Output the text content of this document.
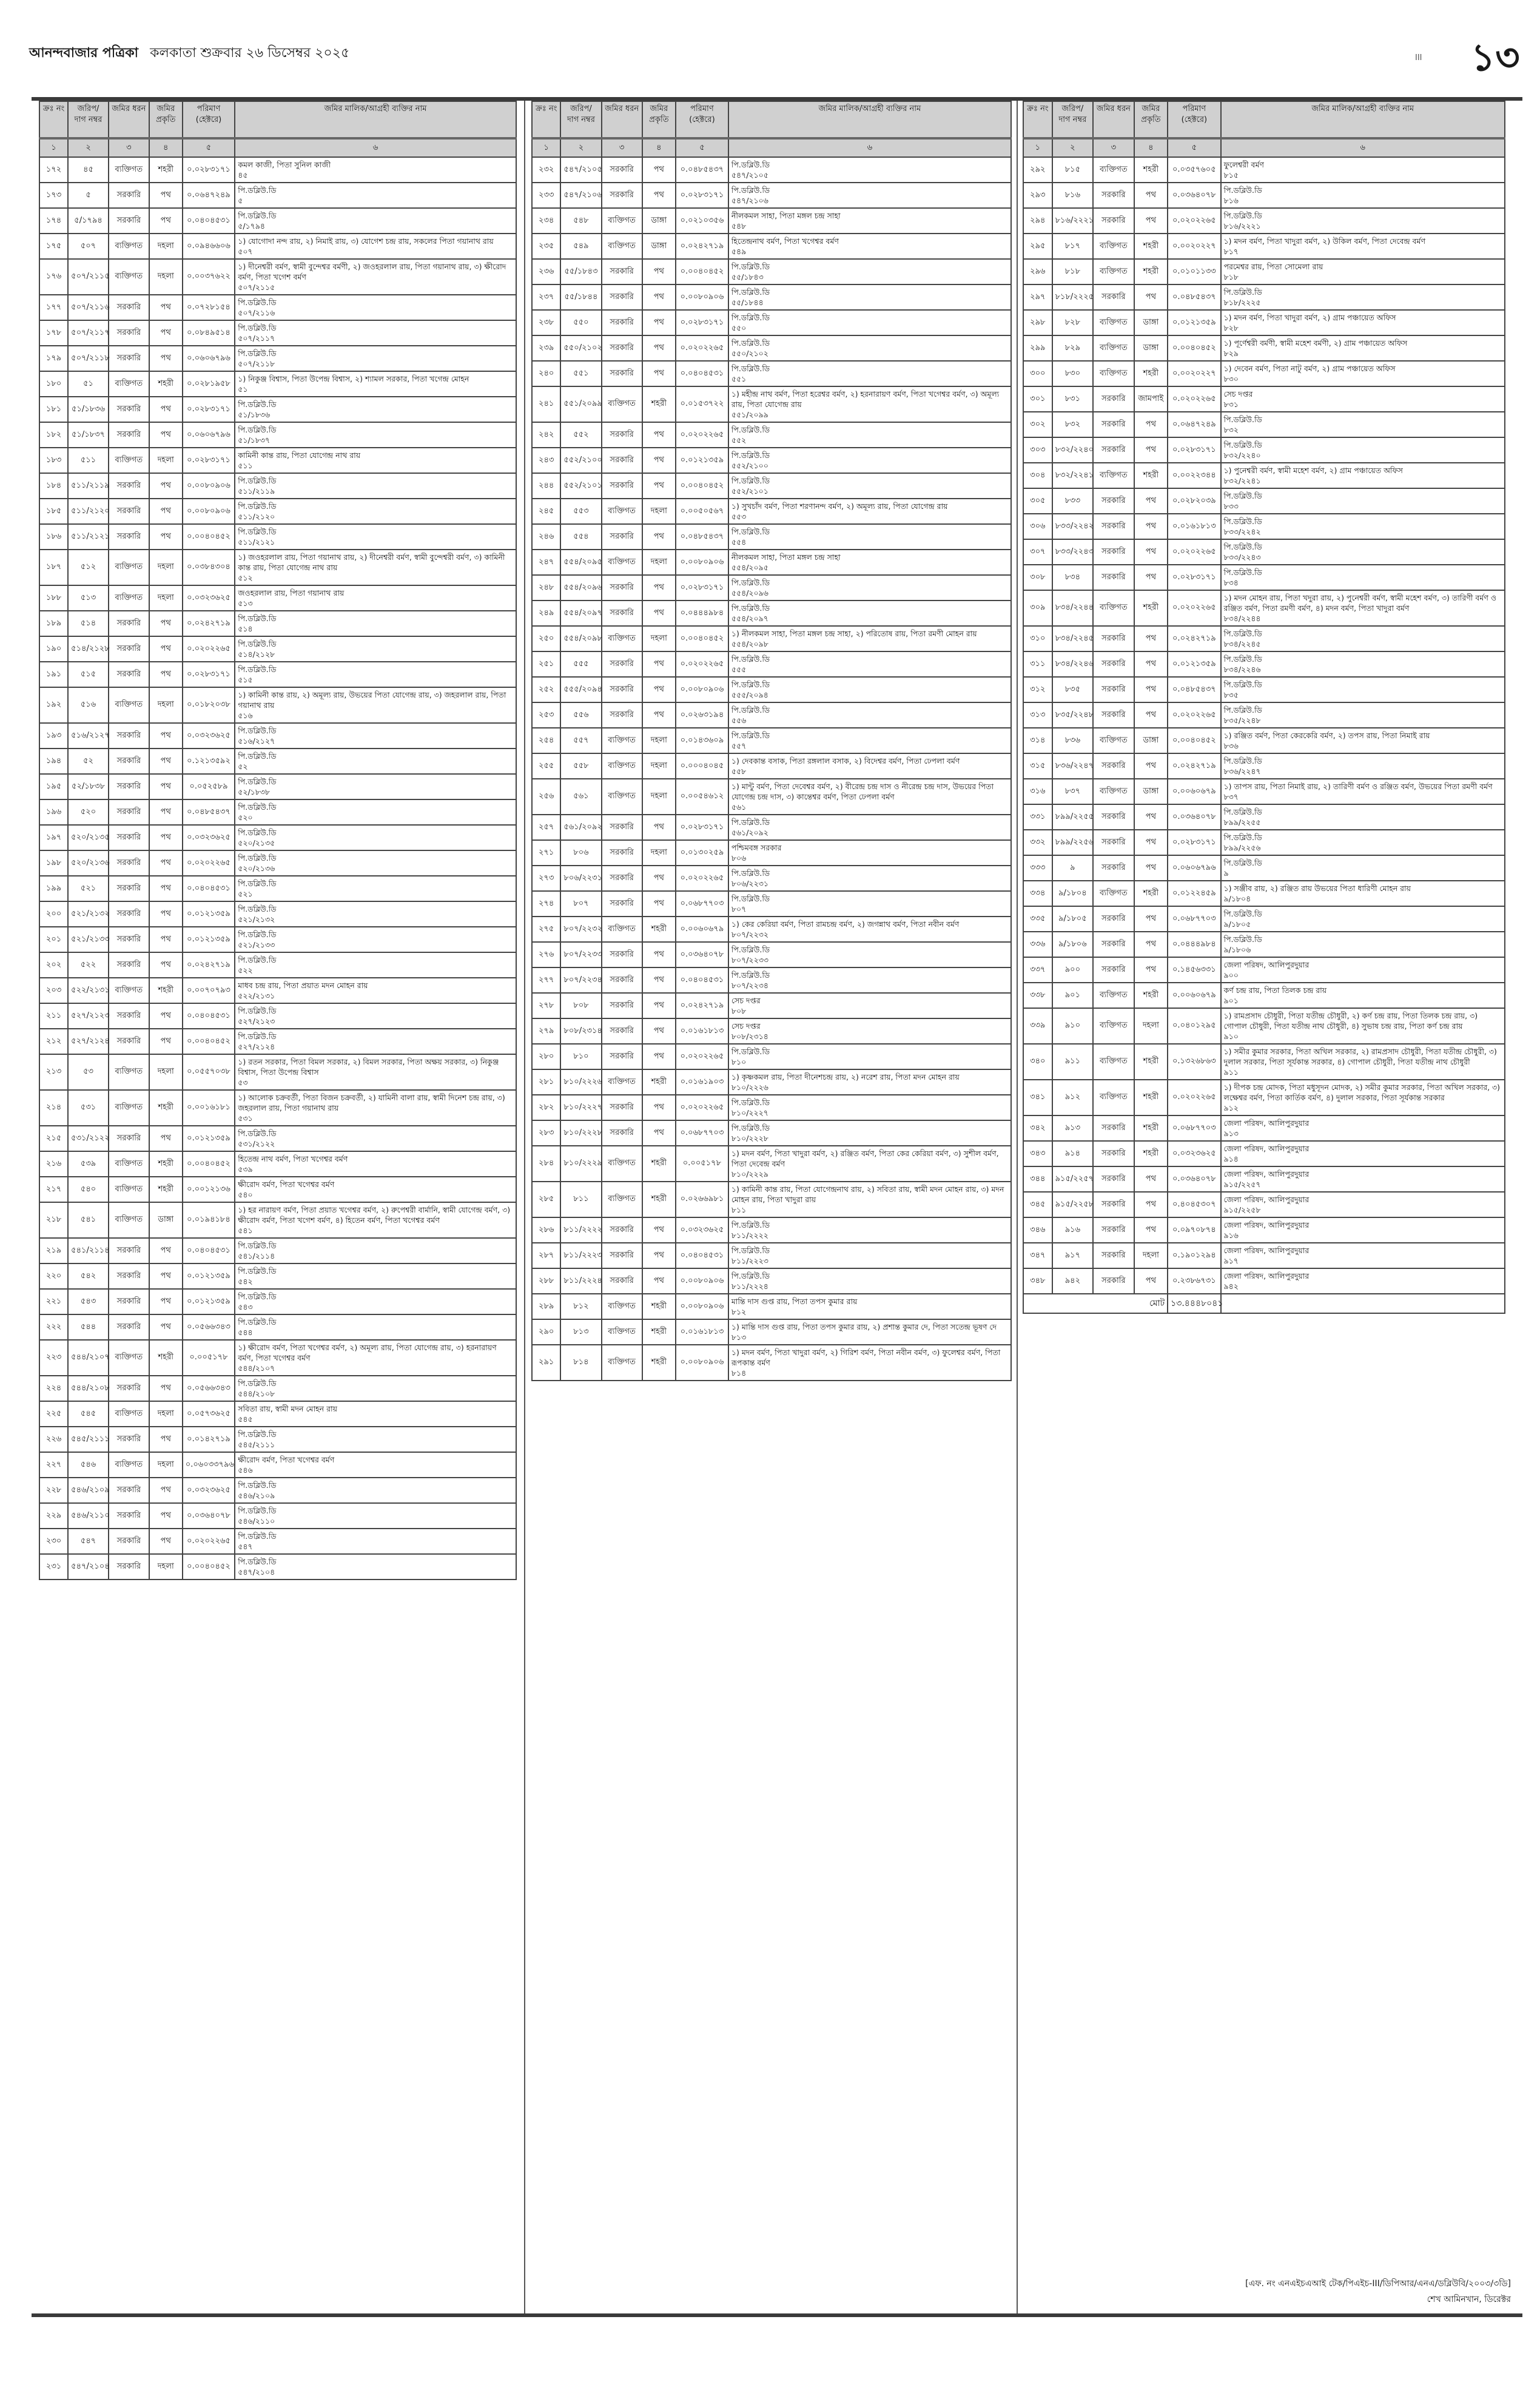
আনন্দবাজার পত্রিকা কলকাতা শুক্রবার ২৬ ডিসেম্বর ২০২৫	III ১৩
ক্রঃ নং	জরিপ/ দাগ নম্বর	জমির ধরন	জমির প্রকৃতি	পরিমাণ (হেক্টরে)	জমির মালিক/আগ্রহী ব্যক্তির নাম
১	২	৩	৪	৫	৬
১৭২	৪৫	ব্যক্তিগত	শহরী	০.০২৮৩১৭১	কমল কাজী, পিতা সুনিল কাজী
৪৫

১৭৩	৫	সরকারি	পথ	০.০৬৪৭২৪৯	পি.ডব্লিউ.ডি
৫

১৭৪	৫/১৭৯৪	সরকারি	পথ	০.০৪০৪৫৩১	পি.ডব্লিউ.ডি
৫/১৭৯৪

১৭৫	৫০৭	ব্যক্তিগত	দহলা	০.০৯৪৬৬০৬	১) যোগোদা নন্দ রায়, ২) নিমাই রায়, ৩) যোগেশ চন্দ্র রায়, সকলের পিতা গয়ানাথ রায়
৫০৭

১৭৬	৫০৭/২১১৫	ব্যক্তিগত	দহলা	০.০০৩৭৬২২	১) দীনেশ্বরী বর্মণ, স্বামী বুন্দেশ্বর বর্মণী, ২) জওহরলাল রায়, পিতা গয়ানাথ রায়, ৩) ক্ষীরোদ বর্মণ, পিতা খগেশ বর্মণ
৫০৭/২১১৫

১৭৭	৫০৭/২১১৬	সরকারি	পথ	০.০৭২৮১৫৪	পি.ডব্লিউ.ডি
৫০৭/২১১৬

১৭৮	৫০৭/২১১৭	সরকারি	পথ	০.০৮৪৯৫১৪	পি.ডব্লিউ.ডি
৫০৭/২১১৭

১৭৯	৫০৭/২১১৮	সরকারি	পথ	০.০৬০৬৭৯৬	পি.ডব্লিউ.ডি
৫০৭/২১১৮

১৮০	৫১	ব্যক্তিগত	শহরী	০.০২৮১৯৫৮	১) নিকুঞ্জ বিশ্বাস, পিতা উপেন্দ্র বিশ্বাস, ২) শ্যামল সরকার, পিতা খগেন্দ্র মোহন
৫১

১৮১	৫১/১৮৩৬	সরকারি	পথ	০.০২৮৩১৭১	পি.ডব্লিউ.ডি
৫১/১৮৩৬

১৮২	৫১/১৮৩৭	সরকারি	পথ	০.০৬০৬৭৯৬	পি.ডব্লিউ.ডি
৫১/১৮৩৭

১৮৩	৫১১	ব্যক্তিগত	দহলা	০.০২৮৩১৭১	কামিনী কান্ত রায়, পিতা যোগেন্দ্র নাথ রায়
৫১১

১৮৪	৫১১/২১১৯	সরকারি	পথ	০.০০৮০৯০৬	পি.ডব্লিউ.ডি
৫১১/২১১৯

১৮৫	৫১১/২১২০	সরকারি	পথ	০.০০৮০৯০৬	পি.ডব্লিউ.ডি
৫১১/২১২০

১৮৬	৫১১/২১২১	সরকারি	পথ	০.০০৪০৪৫২	পি.ডব্লিউ.ডি
৫১১/২১২১

১৮৭	৫১২	ব্যক্তিগত	দহলা	০.০৩৮৪৩০৪	১) জওহরলাল রায়, পিতা গয়ানাথ রায়, ২) দীনেশ্বরী বর্মণ, স্বামী বুন্দেশ্বরী বর্মণ, ৩) কামিনী কান্ত রায়, পিতা যোগেন্দ্র নাথ রায়
৫১২

১৮৮	৫১৩	ব্যক্তিগত	দহলা	০.০৩২৩৬২৫	জওহরলাল রায়, পিতা গয়ানাথ রায়
৫১৩

১৮৯	৫১৪	সরকারি	পথ	০.০২৪২৭১৯	পি.ডব্লিউ.ডি
৫১৪

১৯০	৫১৪/২১২৮	সরকারি	পথ	০.০২০২২৬৫	পি.ডব্লিউ.ডি
৫১৪/২১২৮

১৯১	৫১৫	সরকারি	পথ	০.০২৮৩১৭১	পি.ডব্লিউ.ডি
৫১৫

১৯২	৫১৬	ব্যক্তিগত	দহলা	০.০১৮২০৩৮	১) কামিনী কান্ত রায়, ২) অমূল্য রায়, উভয়ের পিতা যোগেন্দ্র রায়, ৩) জহরলাল রায়, পিতা গয়ানাথ রায়
৫১৬

১৯৩	৫১৬/২১২৭	সরকারি	পথ	০.০৩২৩৬২৫	পি.ডব্লিউ.ডি
৫১৬/২১২৭

১৯৪	৫২	সরকারি	পথ	০.১২১৩৫৯২	পি.ডব্লিউ.ডি
৫২

১৯৫	৫২/১৮৩৮	সরকারি	পথ	০.০৫২৫৮৯	পি.ডব্লিউ.ডি
৫২/১৮৩৮

১৯৬	৫২০	সরকারি	পথ	০.০৪৮৫৪৩৭	পি.ডব্লিউ.ডি
৫২০

১৯৭	৫২০/২১৩৫	সরকারি	পথ	০.০৩২৩৬২৫	পি.ডব্লিউ.ডি
৫২০/২১৩৫

১৯৮	৫২০/২১৩৬	সরকারি	পথ	০.০২০২২৬৫	পি.ডব্লিউ.ডি
৫২০/২১৩৬

১৯৯	৫২১	সরকারি	পথ	০.০৪০৪৫৩১	পি.ডব্লিউ.ডি
৫২১

২০০	৫২১/২১৩২	সরকারি	পথ	০.০১২১৩৫৯	পি.ডব্লিউ.ডি
৫২১/২১৩২

২০১	৫২১/২১৩৩	সরকারি	পথ	০.০১২১৩৫৯	পি.ডব্লিউ.ডি
৫২১/২১৩৩

২০২	৫২২	সরকারি	পথ	০.০২৪২৭১৯	পি.ডব্লিউ.ডি
৫২২

২০৩	৫২২/২১৩১	ব্যক্তিগত	শহরী	০.০০৭০৭৯৩	মাধব চন্দ্র রায়, পিতা প্রয়াত মদন মোহন রায়
৫২২/২১৩১

২১১	৫২৭/২১২৩	সরকারি	পথ	০.০৪০৪৫৩১	পি.ডব্লিউ.ডি
৫২৭/২১২৩

২১২	৫২৭/২১২৪	সরকারি	পথ	০.০০৪০৪৫২	পি.ডব্লিউ.ডি
৫২৭/২১২৪

২১৩	৫৩	ব্যক্তিগত	দহলা	০.০৫৫৭০৩৮	১) রতন সরকার, পিতা বিমল সরকার, ২) বিমল সরকার, পিতা অক্ষয় সরকার, ৩) নিকুঞ্জ বিশ্বাস, পিতা উপেন্দ্র বিশ্বাস
৫৩

২১৪	৫৩১	ব্যক্তিগত	শহরী	০.০০১৬১৮১	১) আলোক চক্রবর্তী, পিতা বিজন চক্রবর্তী, ২) যামিনী বালা রায়, স্বামী দিনেশ চন্দ্র রায়, ৩) জহরলাল রায়, পিতা গয়ানাথ রায়
৫৩১

২১৫	৫৩১/২১২২	সরকারি	পথ	০.০১২১৩৫৯	পি.ডব্লিউ.ডি
৫৩১/২১২২

২১৬	৫৩৯	ব্যক্তিগত	শহরী	০.০০৪০৪৫২	হিতেন্দ্র নাথ বর্মণ, পিতা খগেশ্বর বর্মণ
৫৩৯

২১৭	৫৪০	ব্যক্তিগত	শহরী	০.০০১২১৩৬	ক্ষীরোদ বর্মণ, পিতা খগেশ্বর বর্মণ
৫৪০

২১৮	৫৪১	ব্যক্তিগত	ডাঙ্গা	০.০১৯৪১৮৪	১) হর নারায়ণ বর্মণ, পিতা প্রয়াত খগেশ্বর বর্মণ, ২) রুপেশ্বরী বার্মানি, স্বামী যোগেন্দ্র বর্মণ, ৩) ক্ষীরোদ বর্মণ, পিতা খগেশ বর্মণ, ৪) হিতেন বর্মণ, পিতা খগেশ্বর বর্মণ
৫৪১

২১৯	৫৪১/২১১৪	সরকারি	পথ	০.০৪০৪৫৩১	পি.ডব্লিউ.ডি
৫৪১/২১১৪

২২০	৫৪২	সরকারি	পথ	০.০১২১৩৫৯	পি.ডব্লিউ.ডি
৫৪২

২২১	৫৪৩	সরকারি	পথ	০.০১২১৩৫৯	পি.ডব্লিউ.ডি
৫৪৩

২২২	৫৪৪	সরকারি	পথ	০.০৫৬৬৩৪৩	পি.ডব্লিউ.ডি
৫৪৪

২২৩	৫৪৪/২১০৭	ব্যক্তিগত	শহরী	০.০০৫১৭৮	১) ক্ষীরোদ বর্মণ, পিতা খগেশ্বর বর্মণ, ২) অমূল্য রায়, পিতা যোগেন্দ্র রায়, ৩) হরনারায়ণ বর্মণ, পিতা খগেশ্বর বর্মণ
৫৪৪/২১০৭

২২৪	৫৪৪/২১০৮	সরকারি	পথ	০.০৫৬৬৩৪৩	পি.ডব্লিউ.ডি
৫৪৪/২১০৮

২২৫	৫৪৫	ব্যক্তিগত	দহলা	০.০৫৭৩৬২৫	সবিতা রায়, স্বামী মদন মোহন রায়
৫৪৫

২২৬	৫৪৫/২১১১	সরকারি	পথ	০.০১৪২৭১৯	পি.ডব্লিউ.ডি
৫৪৫/২১১১

২২৭	৫৪৬	ব্যক্তিগত	দহলা	০.০৬০৩৩৭৯৬	ক্ষীরোদ বর্মণ, পিতা খগেশ্বর বর্মণ
৫৪৬

২২৮	৫৪৬/২১০৯	সরকারি	পথ	০.০৩২৩৬২৫	পি.ডব্লিউ.ডি
৫৪৬/২১০৯

২২৯	৫৪৬/২১১০	সরকারি	পথ	০.০৩৬৪০৭৮	পি.ডব্লিউ.ডি
৫৪৬/২১১০

২৩০	৫৪৭	সরকারি	পথ	০.০২০২২৬৫	পি.ডব্লিউ.ডি
৫৪৭

২৩১	৫৪৭/২১০৪	সরকারি	দহলা	০.০০৪০৪৫২	পি.ডব্লিউ.ডি
৫৪৭/২১০৪
ক্রঃ নং	জরিপ/ দাগ নম্বর	জমির ধরন	জমির প্রকৃতি	পরিমাণ (হেক্টরে)	জমির মালিক/আগ্রহী ব্যক্তির নাম
১	২	৩	৪	৫	৬
২৩২	৫৪৭/২১০৫	সরকারি	পথ	০.০৪৮৫৪৩৭	পি.ডব্লিউ.ডি
৫৪৭/২১০৫

২৩৩	৫৪৭/২১০৬	সরকারি	পথ	০.০২৮৩১৭১	পি.ডব্লিউ.ডি
৫৪৭/২১০৬

২৩৪	৫৪৮	ব্যক্তিগত	ডাঙ্গা	০.০২১০৩৫৬	নীলকমল সাহা, পিতা মঙ্গল চন্দ্র সাহা
৫৪৮

২৩৫	৫৪৯	ব্যক্তিগত	ডাঙ্গা	০.০২৪২৭১৯	হিতেন্দ্রনাথ বর্মণ, পিতা খগেশ্বর বর্মণ
৫৪৯

২৩৬	৫৫/১৮৪৩	সরকারি	পথ	০.০০৪০৪৫২	পি.ডব্লিউ.ডি
৫৫/১৮৪৩

২৩৭	৫৫/১৮৪৪	সরকারি	পথ	০.০০৮০৯০৬	পি.ডব্লিউ.ডি
৫৫/১৮৪৪

২৩৮	৫৫০	সরকারি	পথ	০.০২৮৩১৭১	পি.ডব্লিউ.ডি
৫৫০

২৩৯	৫৫০/২১০২	সরকারি	পথ	০.০২০২২৬৫	পি.ডব্লিউ.ডি
৫৫০/২১০২

২৪০	৫৫১	সরকারি	পথ	০.০৪০৪৫৩১	পি.ডব্লিউ.ডি
৫৫১

২৪১	৫৫১/২০৯৯	ব্যক্তিগত	শহরী	০.০১৫৩৭২২	১) মহীন্দ্র নাথ বর্মণ, পিতা হরেশ্বর বর্মণ, ২) হরনারায়ণ বর্মণ, পিতা খগেশ্বর বর্মণ, ৩) অমূল্য রায়, পিতা যোগেন্দ্র রায়
৫৫১/২০৯৯

২৪২	৫৫২	সরকারি	পথ	০.০২০২২৬৫	পি.ডব্লিউ.ডি
৫৫২

২৪৩	৫৫২/২১০০	সরকারি	পথ	০.০১২১৩৫৯	পি.ডব্লিউ.ডি
৫৫২/২১০০

২৪৪	৫৫২/২১০১	সরকারি	পথ	০.০০৪০৪৫২	পি.ডব্লিউ.ডি
৫৫২/২১০১

২৪৫	৫৫৩	ব্যক্তিগত	দহলা	০.০০৫০৫৬৭	১) সুখচাঁদ বর্মণ, পিতা শরণানন্দ বর্মণ, ২) অমূল্য রায়, পিতা যোগেন্দ্র রায়
৫৫৩

২৪৬	৫৫৪	সরকারি	পথ	০.০৪৮৫৪৩৭	পি.ডব্লিউ.ডি
৫৫৪

২৪৭	৫৫৪/২০৯৫	ব্যক্তিগত	দহলা	০.০০৮০৯০৬	নীলকমল সাহা, পিতা মঙ্গল চন্দ্র সাহা
৫৫৪/২০৯৫

২৪৮	৫৫৪/২০৯৬	সরকারি	পথ	০.০২৮৩১৭১	পি.ডব্লিউ.ডি
৫৫৪/২০৯৬

২৪৯	৫৫৪/২০৯৭	সরকারি	পথ	০.০৪৪৪৯৮৪	পি.ডব্লিউ.ডি
৫৫৪/২০৯৭

২৫০	৫৫৪/২০৯৮	ব্যক্তিগত	দহলা	০.০০৪০৪৫২	১) নীলকমল সাহা, পিতা মঙ্গল চন্দ্র সাহা, ২) পরিতোষ রায়, পিতা রমণী মোহন রায়
৫৫৪/২০৯৮

২৫১	৫৫৫	সরকারি	পথ	০.০২০২২৬৫	পি.ডব্লিউ.ডি
৫৫৫

২৫২	৫৫৫/২০৯৪	সরকারি	পথ	০.০০৮০৯০৬	পি.ডব্লিউ.ডি
৫৫৫/২০৯৪

২৫৩	৫৫৬	সরকারি	পথ	০.০২৬৩১৯৪	পি.ডব্লিউ.ডি
৫৫৬

২৫৪	৫৫৭	ব্যক্তিগত	দহলা	০.০১৪৩৬০৯	পি.ডব্লিউ.ডি
৫৫৭

২৫৫	৫৫৮	ব্যক্তিগত	দহলা	০.০০০৪০৪৫	১) দেবকান্ত বসাক, পিতা রঙ্গলাল বসাক, ২) বিদেশ্বর বর্মণ, পিতা ঢেপলা বর্মণ
৫৫৮

২৫৬	৫৬১	ব্যক্তিগত	দহলা	০.০০৫৪৬১২	১) মান্টু বর্মণ, পিতা দেবেশ্বর বর্মণ, ২) বীরেন্দ্র চন্দ্র দাস ও নীরেন্দ্র চন্দ্র দাস, উভয়ের পিতা যোগেন্দ্র চন্দ্র দাস, ৩) কান্তেশ্বর বর্মণ, পিতা ঢেপলা বর্মণ
৫৬১

২৫৭	৫৬১/২০৯২	সরকারি	পথ	০.০২৮৩১৭১	পি.ডব্লিউ.ডি
৫৬১/২০৯২

২৭১	৮০৬	সরকারি	দহলা	০.০১৩০২৫৯	পশ্চিমবঙ্গ সরকার
৮০৬

২৭৩	৮০৬/২২৩১	সরকারি	পথ	০.০২০২২৬৫	পি.ডব্লিউ.ডি
৮০৬/২২৩১

২৭৪	৮০৭	সরকারি	পথ	০.০৬৮৭৭০৩	পি.ডব্লিউ.ডি
৮০৭

২৭৫	৮০৭/২২৩২	ব্যক্তিগত	শহরী	০.০০৬০৬৭৯	১) কের কেরিয়া বর্মণ, পিতা রামচন্দ্র বর্মণ, ২) জগন্নাথ বর্মণ, পিতা নবীন বর্মণ
৮০৭/২২৩২

২৭৬	৮০৭/২২৩৩	সরকারি	পথ	০.০৩৬৪০৭৮	পি.ডব্লিউ.ডি
৮০৭/২২৩৩

২৭৭	৮০৭/২২৩৪	সরকারি	পথ	০.০৪০৪৫৩১	পি.ডব্লিউ.ডি
৮০৭/২২৩৪

২৭৮	৮০৮	সরকারি	পথ	০.০২৪২৭১৯	সেচ দপ্তর
৮০৮

২৭৯	৮০৮/২৩১৪	সরকারি	পথ	০.০১৬১৮১৩	সেচ দপ্তর
৮০৮/২৩১৪

২৮০	৮১০	সরকারি	পথ	০.০২০২২৬৫	পি.ডব্লিউ.ডি
৮১০

২৮১	৮১০/২২২৬	ব্যক্তিগত	শহরী	০.০১৬১৯০৩	১) কৃষ্ণকমল রায়, পিতা দীনেশচন্দ্র রায়, ২) নরেশ রায়, পিতা মদন মোহন রায়
৮১০/২২২৬

২৮২	৮১০/২২২৭	সরকারি	পথ	০.০২০২২৬৫	পি.ডব্লিউ.ডি
৮১০/২২২৭

২৮৩	৮১০/২২২৮	সরকারি	পথ	০.০৬৮৭৭০৩	পি.ডব্লিউ.ডি
৮১০/২২২৮

২৮৪	৮১০/২২২৯	ব্যক্তিগত	শহরী	০.০০৫১৭৮	১) মদন বর্মণ, পিতা খাদুরা বর্মণ, ২) রঞ্জিত বর্মণ, পিতা কের কেরিয়া বর্মণ, ৩) সুশীল বর্মণ, পিতা দেবেন্দ্র বর্মণ
৮১০/২২২৯

২৮৫	৮১১	ব্যক্তিগত	শহরী	০.০২৬৬৯৮১	১) কামিনী কান্ত রায়, পিতা যোগেন্দ্রনাথ রায়, ২) সবিতা রায়, স্বামী মদন মোহন রায়, ৩) মদন মোহন রায়, পিতা খাদুরা রায়
৮১১

২৮৬	৮১১/২২২২	সরকারি	পথ	০.০৩২৩৬২৫	পি.ডব্লিউ.ডি
৮১১/২২২২

২৮৭	৮১১/২২২৩	সরকারি	পথ	০.০৪০৪৫৩১	পি.ডব্লিউ.ডি
৮১১/২২২৩

২৮৮	৮১১/২২২৪	সরকারি	পথ	০.০০৮০৯০৬	পি.ডব্লিউ.ডি
৮১১/২২২৪

২৮৯	৮১২	ব্যক্তিগত	শহরী	০.০০৮০৯০৬	মান্তি দাস গুপ্ত রায়, পিতা তপস কুমার রায়
৮১২

২৯০	৮১৩	ব্যক্তিগত	শহরী	০.০১৬১৮১৩	১) মান্তি দাস গুপ্ত রায়, পিতা তপস কুমার রায়, ২) প্রশান্ত কুমার দে, পিতা সতেন্দ্র ভূষণ দে
৮১৩

২৯১	৮১৪	ব্যক্তিগত	শহরী	০.০০৮০৯০৬	১) মদন বর্মণ, পিতা খাদুরা বর্মণ, ২) গিরিশ বর্মণ, পিতা নবীন বর্মণ, ৩) ফুলেশ্বর বর্মণ, পিতা রূপকান্ত বর্মণ
৮১৪
ক্রঃ নং	জরিপ/ দাগ নম্বর	জমির ধরন	জমির প্রকৃতি	পরিমাণ (হেক্টরে)	জমির মালিক/আগ্রহী ব্যক্তির নাম
১	২	৩	৪	৫	৬
২৯২	৮১৫	ব্যক্তিগত	শহরী	০.০৩৫৭৬০৫	ফুলেশ্বরী বর্মণ
৮১৫

২৯৩	৮১৬	সরকারি	পথ	০.০৩৬৪০৭৮	পি.ডব্লিউ.ডি
৮১৬

২৯৪	৮১৬/২২২১	সরকারি	পথ	০.০২০২২৬৫	পি.ডব্লিউ.ডি
৮১৬/২২২১

২৯৫	৮১৭	ব্যক্তিগত	শহরী	০.০০২০২২৭	১) মদন বর্মণ, পিতা খাদুরা বর্মণ, ২) উকিল বর্মণ, পিতা দেবেন্দ্র বর্মণ
৮১৭

২৯৬	৮১৮	ব্যক্তিগত	শহরী	০.০১০১১৩৩	পরমেশ্বর রায়, পিতা সোমেলা রায়
৮১৮

২৯৭	৮১৮/২২২৫	সরকারি	পথ	০.০৪৮৫৪৩৭	পি.ডব্লিউ.ডি
৮১৮/২২২৫

২৯৮	৮২৮	ব্যক্তিগত	ডাঙ্গা	০.০১২১৩৫৯	১) মদন বর্মণ, পিতা খাদুরা বর্মণ, ২) গ্রাম পঞ্চায়েত অফিস
৮২৮

২৯৯	৮২৯	ব্যক্তিগত	ডাঙ্গা	০.০০৪০৪৫২	১) পূর্ণেশ্বরী বর্মণী, স্বামী মহেশ বর্মণী, ২) গ্রাম পঞ্চায়েত অফিস
৮২৯

৩০০	৮৩০	ব্যক্তিগত	শহরী	০.০০২০২২৭	১) দেবেন বর্মণ, পিতা নাটু বর্মণ, ২) গ্রাম পঞ্চায়েত অফিস
৮৩০

৩০১	৮৩১	সরকারি	জামপাই	০.০২০২২৬৫	সেচ দপ্তর
৮৩১

৩০২	৮৩২	সরকারি	পথ	০.০৬৪৭২৪৯	পি.ডব্লিউ.ডি
৮৩২

৩০৩	৮৩২/২২৪০	সরকারি	পথ	০.০২৮৩১৭১	পি.ডব্লিউ.ডি
৮৩২/২২৪০

৩০৪	৮৩২/২২৪১	ব্যক্তিগত	শহরী	০.০০২২৩৪৪	১) পুনেশ্বরী বর্মণ, স্বামী মহেশ বর্মণ, ২) গ্রাম পঞ্চায়েত অফিস
৮৩২/২২৪১

৩০৫	৮৩৩	সরকারি	পথ	০.০২৮২০৩৯	পি.ডব্লিউ.ডি
৮৩৩

৩০৬	৮৩৩/২২৪২	সরকারি	পথ	০.০১৬১৮১৩	পি.ডব্লিউ.ডি
৮৩৩/২২৪২

৩০৭	৮৩৩/২২৪৩	সরকারি	পথ	০.০২০২২৬৫	পি.ডব্লিউ.ডি
৮৩৩/২২৪৩

৩০৮	৮৩৪	সরকারি	পথ	০.০২৮৩১৭১	পি.ডব্লিউ.ডি
৮৩৪

৩০৯	৮৩৪/২২৪৪	ব্যক্তিগত	শহরী	০.০২০২২৬৫	১) মদন মোহন রায়, পিতা খদুরা রায়, ২) পুনেশ্বরী বর্মণ, স্বামী মহেশ বর্মণ, ৩) তারিণী বর্মণ ও রঞ্জিত বর্মণ, পিতা রমণী বর্মণ, ৪) মদন বর্মণ, পিতা খাদুরা বর্মণ
৮৩৪/২২৪৪

৩১০	৮৩৪/২২৪৫	সরকারি	পথ	০.০২৪২৭১৯	পি.ডব্লিউ.ডি
৮৩৪/২২৪৫

৩১১	৮৩৪/২২৪৬	সরকারি	পথ	০.০১২১৩৫৯	পি.ডব্লিউ.ডি
৮৩৪/২২৪৬

৩১২	৮৩৫	সরকারি	পথ	০.০৪৮৫৪৩৭	পি.ডব্লিউ.ডি
৮৩৫

৩১৩	৮৩৫/২২৪৮	সরকারি	পথ	০.০২০২২৬৫	পি.ডব্লিউ.ডি
৮৩৫/২২৪৮

৩১৪	৮৩৬	ব্যক্তিগত	ডাঙ্গা	০.০০৪০৪৫২	১) রঞ্জিত বর্মণ, পিতা কেরকেরি বর্মণ, ২) তপস রায়, পিতা নিমাই রায়
৮৩৬

৩১৫	৮৩৬/২২৪৭	সরকারি	পথ	০.০২৪২৭১৯	পি.ডব্লিউ.ডি
৮৩৬/২২৪৭

৩১৬	৮৩৭	ব্যক্তিগত	ডাঙ্গা	০.০০৬০৬৭৯	১) তাপস রায়, পিতা নিমাই রায়, ২) তারিণী বর্মণ ও রঞ্জিত বর্মণ, উভয়ের পিতা রমণী বর্মণ
৮৩৭

৩৩১	৮৯৯/২২৫৫	সরকারি	পথ	০.০৩৬৪০৭৮	পি.ডব্লিউ.ডি
৮৯৯/২২৫৫

৩৩২	৮৯৯/২২৫৬	সরকারি	পথ	০.০২৮৩১৭১	পি.ডব্লিউ.ডি
৮৯৯/২২৫৬

৩৩৩	৯	সরকারি	পথ	০.০৬০৬৭৯৬	পি.ডব্লিউ.ডি
৯

৩৩৪	৯/১৮০৪	ব্যক্তিগত	শহরী	০.০১২২৪৫৯	১) সঞ্জীব রায়, ২) রঞ্জিত রায় উভয়ের পিতা ধারিণী মোহন রায়
৯/১৮০৪

৩৩৫	৯/১৮০৫	সরকারি	পথ	০.০৬৮৭৭০৩	পি.ডব্লিউ.ডি
৯/১৮০৫

৩৩৬	৯/১৮০৬	সরকারি	পথ	০.০৪৪৪৯৮৪	পি.ডব্লিউ.ডি
৯/১৮০৬

৩৩৭	৯০০	সরকারি	পথ	০.১৪৫৬৩৩১	জেলা পরিষদ, আলিপুরদুয়ার
৯০০

৩৩৮	৯০১	ব্যক্তিগত	শহরী	০.০০৬০৬৭৯	কর্ণ চন্দ্র রায়, পিতা তিলক চন্দ্র রায়
৯০১

৩৩৯	৯১০	ব্যক্তিগত	দহলা	০.০৪০১২৯৫	১) রামপ্রসাদ চৌধুরী, পিতা যতীন্দ্র চৌধুরী, ২) কর্ণ চন্দ্র রায়, পিতা তিলক চন্দ্র রায়, ৩) গোপাল চৌধুরী, পিতা যতীন্দ্র নাথ চৌধুরী, ৪) সুভাষ চন্দ্র রায়, পিতা কর্ণ চন্দ্র রায়
৯১০

৩৪০	৯১১	ব্যক্তিগত	শহরী	০.১৩২৬৮৬৩	১) সমীর কুমার সরকার, পিতা অখিল সরকার, ২) রামপ্রসাদ চৌধুরী, পিতা যতীন্দ্র চৌধুরী, ৩) দুলাল সরকার, পিতা সূর্যকান্ত সরকার, ৪) গোপাল চৌধুরী, পিতা যতীন্দ্র নাথ চৌধুরী
৯১১

৩৪১	৯১২	ব্যক্তিগত	শহরী	০.০২০২২৬৫	১) দীপক চন্দ্র মোদক, পিতা মধুসূদন মোদক, ২) সমীর কুমার সরকার, পিতা অখিল সরকার, ৩) লক্ষেশ্বর বর্মণ, পিতা কার্তিক বর্মণ, ৪) দুলাল সরকার, পিতা সূর্যকান্ত সরকার
৯১২

৩৪২	৯১৩	সরকারি	শহরী	০.০৬৮৭৭০৩	জেলা পরিষদ, আলিপুরদুয়ার
৯১৩

৩৪৩	৯১৪	সরকারি	শহরী	০.০৩২৩৬২৫	জেলা পরিষদ, আলিপুরদুয়ার
৯১৪

৩৪৪	৯১৫/২২৫৭	সরকারি	পথ	০.০৩৬৪০৭৮	জেলা পরিষদ, আলিপুরদুয়ার
৯১৫/২২৫৭

৩৪৫	৯১৫/২২৫৮	সরকারি	পথ	০.৪০৪৫৩০৭	জেলা পরিষদ, আলিপুরদুয়ার
৯১৫/২২৫৮

৩৪৬	৯১৬	সরকারি	পথ	০.০৯৭০৮৭৪	জেলা পরিষদ, আলিপুরদুয়ার
৯১৬

৩৪৭	৯১৭	সরকারি	দহলা	০.১৯০১২৯৪	জেলা পরিষদ, আলিপুরদুয়ার
৯১৭

৩৪৮	৯৪২	সরকারি	পথ	০.২৩৮৬৭৩১	জেলা পরিষদ, আলিপুরদুয়ার
৯৪২

মোট				১৩.৪৪৪৮০৪১	
[এফ. নং এনএইচএআই টেক/পিএইচ-III/ডিপিআর/এনএ/ডব্লিউবি/২০০৩/৩ডি]
শেখ আমিনখান, ডিরেক্টর
